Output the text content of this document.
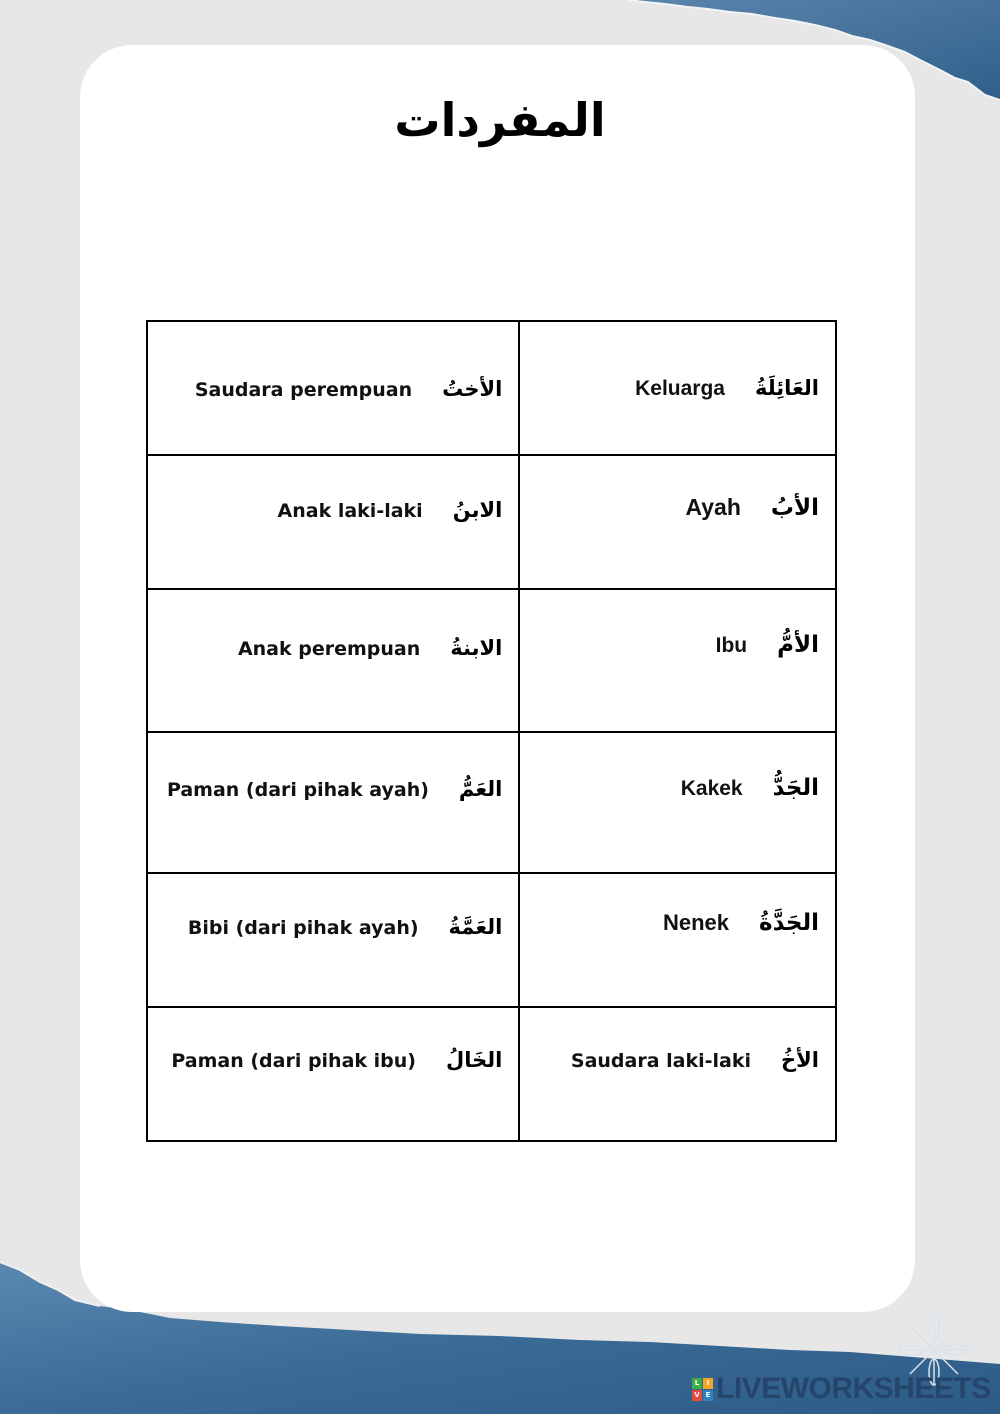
المفردات
Saudara perempuan الأختُ	Keluarga العَائِلَةُ

Anak laki-laki الابنُ	Ayah الأبُ

Anak perempuan الابنةُ	Ibu الأمُّ

Paman (dari pihak ayah) العَمُّ	Kakek الجَدُّ

Bibi (dari pihak ayah) العَمَّةُ	Nenek الجَدَّةُ

Paman (dari pihak ibu) الخَالُ	Saudara laki-laki الأخُ
L	I
V E LIVEWORKSHEETS
